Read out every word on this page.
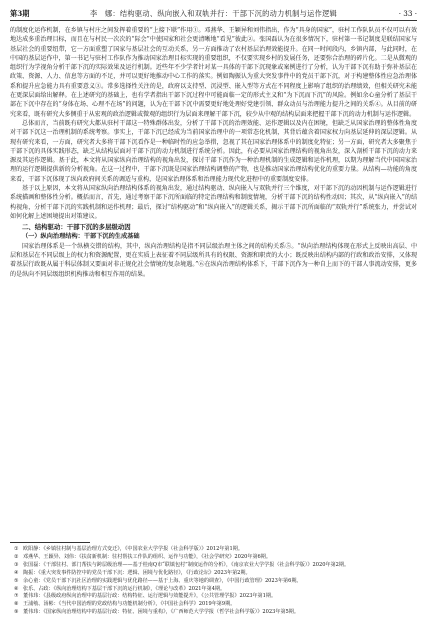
第3期	李　娜：结构驱动、纵向嵌入和双轨并行：干部下沉的动力机制与运作逻辑	· 33 ·

的制度化运作机制，在乡镇与村庄之间发挥着重要的“上接下联”作用①。邓燕华、王颖异和刘伟指出，作为“具身的国家”，驻村工作队队员不仅可以有效地达成多重治理目标，而且在与村民一次次的“际会”中使国家和社会更清晰地“看见”彼此②。张国磊认为在很多情况下，驻村第一书记制度是联结国家与基层社会的重要纽带，它一方面重塑了国家与基层社会的互动关系，另一方面推动了农村基层治理效能提升。在同一时间段内，乡镇内部，与此同时，在中国的基层运作中，第一书记与驻村工作队作为推动国家治理目标实现的重要组织，不仅要实现乡村的发展任务，还要弥合治理的碎片化。二是从微观的组织行为学视角分析干部下沉的实际效果及运行机制。近些年不少学者针对某一具体的干部下沉现象或案例进行了分析，认为干部下沉有助于弥补基层在政策、资源、人力、信息等方面的不足，并可以更好地推动中心工作的落实。例如陶振认为重大突发事件中的党员干部下沉，对于构建整体性应急治理体系和提升应急能力具有重要意义③。常多选择性关注的是，政府以支持型、沉浸型、嵌入型等方式在不同程度上影响了组织的治理绩效，但相关研究未能在更深层面给出解释。在上述研究的基础上，也有学者指出干部下沉过程中可能面临一定的形式主义和“为下沉而下沉”的风险。例如余心童分析了基层干部在下沉中存在的“身体在场、心理不在场”的问题，认为在干部下沉中需要更好地处理好党建引领、群众动员与治理能力提升之间的关系④。从目前的研究来看，既有研究大多侧重于从宏观的政治逻辑或微观的组织行为层面来理解干部下沉，较少从中观的结构层面来把握干部下沉的动力机制与运作逻辑。

总体而言，当前既有研究大都从驻村干部这一特殊群体出发，分析了干部下沉的治理效能、运作逻辑以及内在困境，但缺乏从国家治理的整体性角度对干部下沉这一治理机制的系统考察。事实上，干部下沉已经成为当前国家治理中的一项常态化机制，其背后蕴含着国家权力向基层延伸的深层逻辑。从现有研究来看，一方面，研究者大多将干部下沉看作是一种临时性的应急举措，忽视了其在国家治理体系中的制度化特征；另一方面，研究者大多聚焦于干部下沉的具体实践形态，缺乏从结构层面对干部下沉的动力机制进行系统分析。因此，有必要从国家治理结构的视角出发，深入剖析干部下沉的动力来源及其运作逻辑。基于此，本文将从国家纵向治理结构的视角出发，探讨干部下沉作为一种治理机制的生成逻辑和运作机理，以期为理解当代中国国家治理的运行逻辑提供新的分析视角。在这一过程中，干部下沉既是国家治理结构调整的产物，也是推动国家治理结构优化的重要力量。从结构—功能的角度来看，干部下沉体现了纵向政府间关系的调适与重构，是国家治理体系和治理能力现代化进程中的重要制度安排。

基于以上原因，本文将从国家纵向治理结构体系的视角出发，通过结构驱动、纵向嵌入与双轨并行三个维度，对干部下沉的动因机制与运作逻辑进行系统描画和整体性分析。概括而言，首先，通过考察干部下沉所面临的特定治理结构和制度情境，分析干部下沉的结构性动因；其次，从“纵向嵌入”的结构视角，分析干部下沉的实践机制和运作机理；最后，探讨“结构驱动”和“纵向嵌入”的逻辑关系，揭示干部下沉所面临的“双轨并行”系统张力，并尝试对如何化解上述困境提出对策建议。

二、结构驱动：干部下沉的多层级动因
（一）纵向治理结构：干部下沉的生成基础

国家治理体系是一个纵横交错的结构，其中，纵向治理结构是指不同层级治理主体之间的结构关系⑤。“纵向治理结构体现在形式上反映出高层、中层和基层在不同层级上的权力和资源配置，更在实质上表征着不同层级所具有的权限、资源和职责的大小；既反映出结构内部的行政和政治安排，又体现着基层行政既从属于科层体制又要面对非正规化社会情境的复杂境遇。”⑥在纵向治理结构体系下，干部下沉作为一种自上而下的干部人事流动安排，更多的是纵向不同层级组织机构推动和相互作用的结果。

① 欧阳静：《乡镇驻村制与基层治理方式变迁》，《中国农业大学学报（社会科学版）》2012年第1期。
② 邓燕华、王颖异、刘伟：《扶贫新机制：驻村帮扶工作队的组织、运作与功能》，《社会学研究》2020年第6期。
③ 张国磊：《干部驻村、部门帮扶与跨层级治理——基于桂南Q市“联镇包村”制度运作的分析》，《南京农业大学学报（社会科学版）》2020年第2期。
④ 陶振：《重大突发事件防控中的党员干部下沉：逻辑、困境与优化路径》，《行政论坛》2023年第2期。
⑤ 余心童：《党员干部下沉社区治理的实践逻辑与优化路径——基于上海、重庆等地的调查》，《中国行政管理》2023年第6期。
⑥ 张乐、占政：《纵向治理结构下基层干部下沉的运行机制》，《理论与改革》2021年第4期。
⑦ 董伟玮：《县级政府纵向治理中的基层行政：结构特征、运行逻辑与效能提升》，《公共管理学报》2023年第1期。
⑧ 王浦劬、汤彬：《当代中国治理的党政结构与功能机制分析》，《中国社会科学》2019年第9期。
⑨ 董伟玮：《国家纵向治理结构中的基层行政：特征、困境与重构》，《广西师范大学学报（哲学社会科学版）》2023年第5期。
